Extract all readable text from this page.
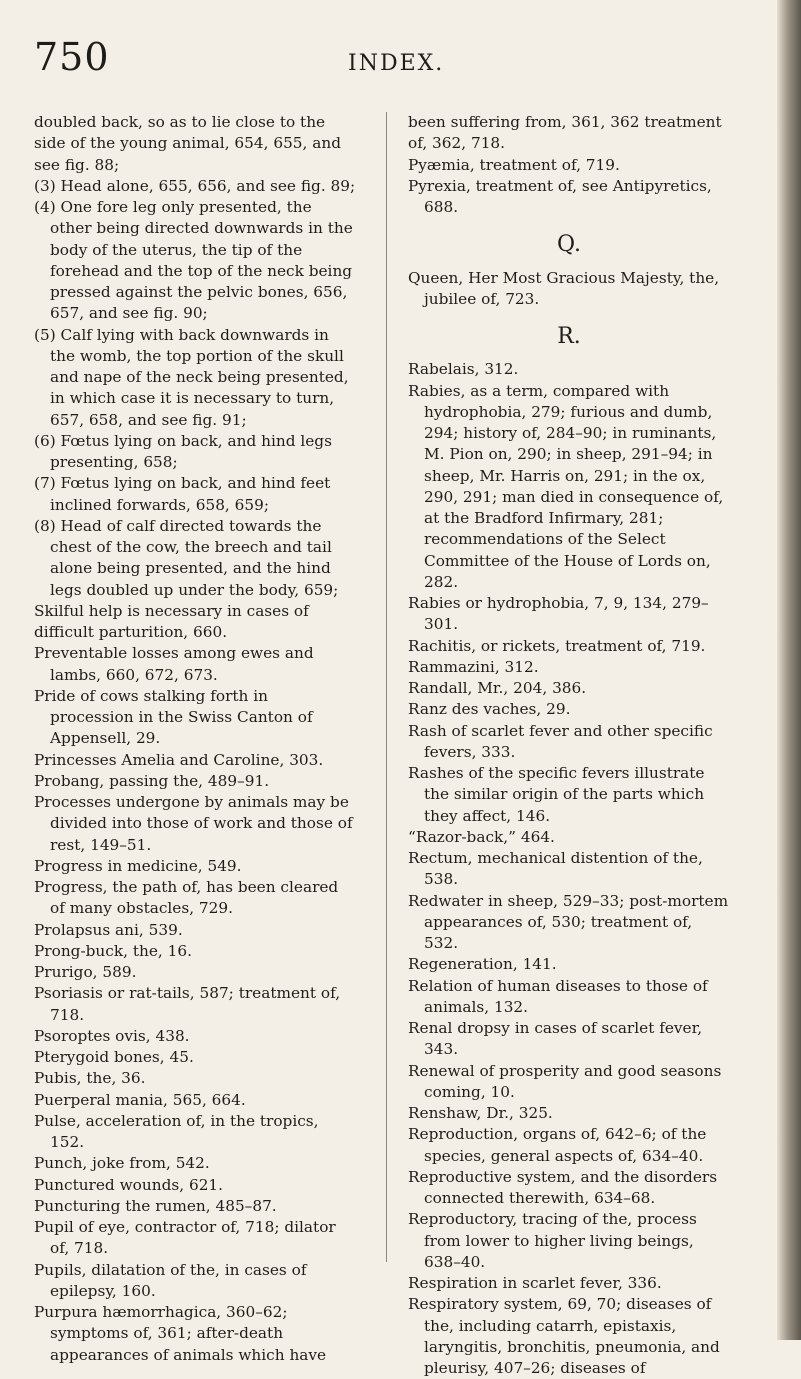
750	INDEX.
doubled back, so as to lie close to the side of the young animal, 654, 655, and see fig. 88;
(3) Head alone, 655, 656, and see fig. 89;
(4) One fore leg only presented, the other being directed downwards in the body of the uterus, the tip of the forehead and the top of the neck being pressed against the pelvic bones, 656, 657, and see fig. 90;
(5) Calf lying with back downwards in the womb, the top portion of the skull and nape of the neck being presented, in which case it is necessary to turn, 657, 658, and see fig. 91;
(6) Fœtus lying on back, and hind legs presenting, 658;
(7) Fœtus lying on back, and hind feet inclined forwards, 658, 659;
(8) Head of calf directed towards the chest of the cow, the breech and tail alone being presented, and the hind legs doubled up under the body, 659;
Skilful help is necessary in cases of difficult parturition, 660.
Preventable losses among ewes and lambs, 660, 672, 673.
Pride of cows stalking forth in procession in the Swiss Canton of Appensell, 29.
Princesses Amelia and Caroline, 303.
Probang, passing the, 489–91.
Processes undergone by animals may be divided into those of work and those of rest, 149–51.
Progress in medicine, 549.
Progress, the path of, has been cleared of many obstacles, 729.
Prolapsus ani, 539.
Prong-buck, the, 16.
Prurigo, 589.
Psoriasis or rat-tails, 587; treatment of, 718.
Psoroptes ovis, 438.
Pterygoid bones, 45.
Pubis, the, 36.
Puerperal mania, 565, 664.
Pulse, acceleration of, in the tropics, 152.
Punch, joke from, 542.
Punctured wounds, 621.
Puncturing the rumen, 485–87.
Pupil of eye, contractor of, 718; dilator of, 718.
Pupils, dilatation of the, in cases of epilepsy, 160.
Purpura hæmorrhagica, 360–62; symptoms of, 361; after-death appearances of animals which have
been suffering from, 361, 362 treatment of, 362, 718.
Pyæmia, treatment of, 719.
Pyrexia, treatment of, see Antipyretics, 688.
Q.
Queen, Her Most Gracious Majesty, the, jubilee of, 723.
R.
Rabelais, 312.
Rabies, as a term, compared with hydrophobia, 279; furious and dumb, 294; history of, 284–90; in ruminants, M. Pion on, 290; in sheep, 291–94; in sheep, Mr. Harris on, 291; in the ox, 290, 291; man died in consequence of, at the Bradford Infirmary, 281; recommendations of the Select Committee of the House of Lords on, 282.
Rabies or hydrophobia, 7, 9, 134, 279–301.
Rachitis, or rickets, treatment of, 719.
Rammazini, 312.
Randall, Mr., 204, 386.
Ranz des vaches, 29.
Rash of scarlet fever and other specific fevers, 333.
Rashes of the specific fevers illustrate the similar origin of the parts which they affect, 146.
“Razor-back,” 464.
Rectum, mechanical distention of the, 538.
Redwater in sheep, 529–33; post-mortem appearances of, 530; treatment of, 532.
Regeneration, 141.
Relation of human diseases to those of animals, 132.
Renal dropsy in cases of scarlet fever, 343.
Renewal of prosperity and good seasons coming, 10.
Renshaw, Dr., 325.
Reproduction, organs of, 642–6; of the species, general aspects of, 634–40.
Reproductive system, and the disorders connected therewith, 634–68.
Reproductory, tracing of the, process from lower to higher living beings, 638–40.
Respiration in scarlet fever, 336.
Respiratory system, 69, 70; diseases of the, including catarrh, epistaxis, laryngitis, bronchitis, pneumonia, and pleurisy, 407–26; diseases of
